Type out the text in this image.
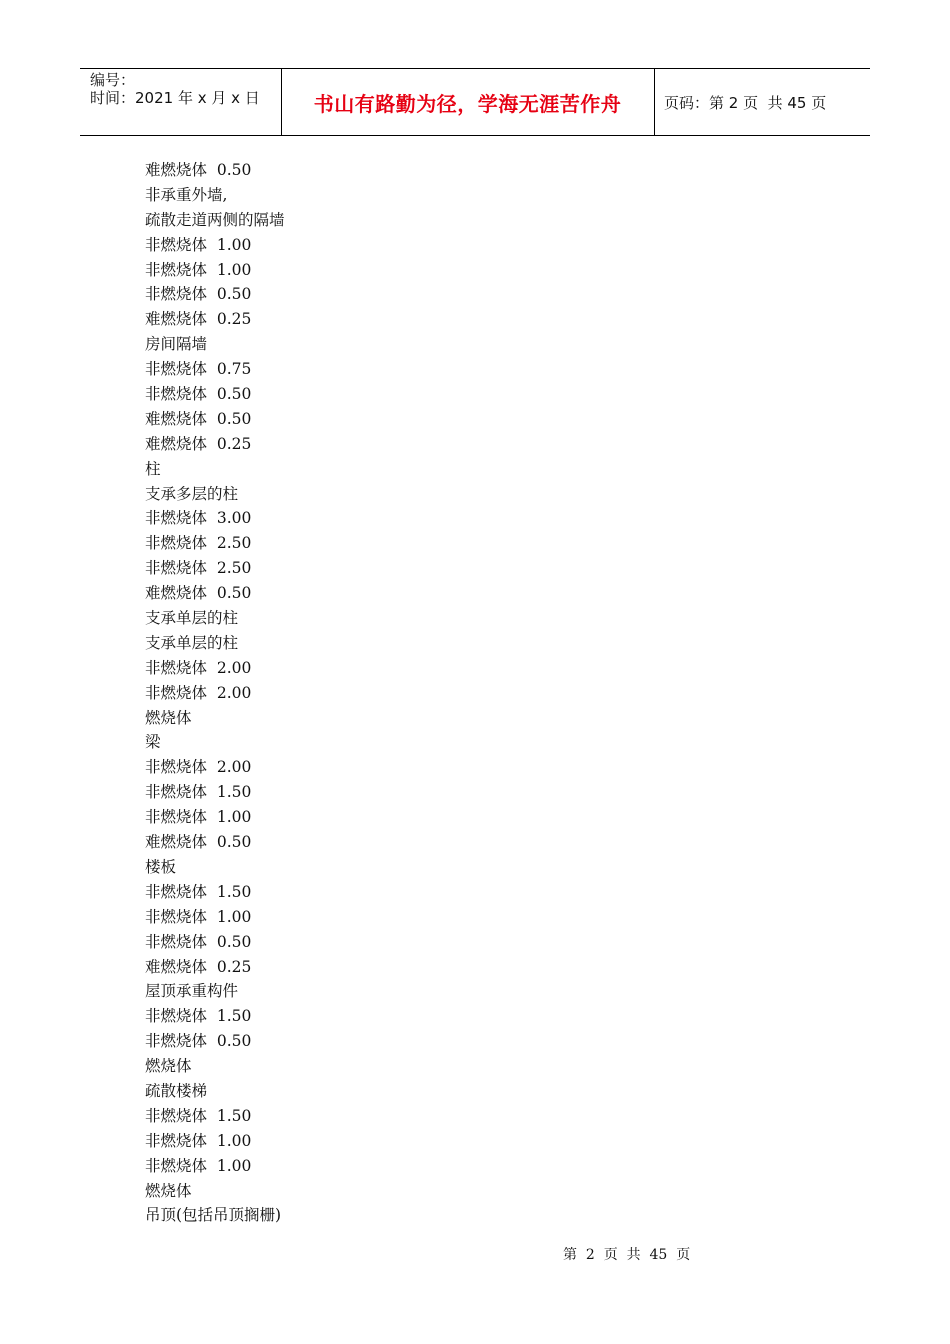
编号：
时间：2021 年 x 月 x 日	书山有路勤为径，学海无涯苦作舟	页码：第 2 页  共 45 页
难燃烧体  0.50
非承重外墙,
疏散走道两侧的隔墙
非燃烧体  1.00
非燃烧体  1.00
非燃烧体  0.50
难燃烧体  0.25
房间隔墙
非燃烧体  0.75
非燃烧体  0.50
难燃烧体  0.50
难燃烧体  0.25
柱
支承多层的柱
非燃烧体  3.00
非燃烧体  2.50
非燃烧体  2.50
难燃烧体  0.50
支承单层的柱
支承单层的柱
非燃烧体  2.00
非燃烧体  2.00
燃烧体
梁
非燃烧体  2.00
非燃烧体  1.50
非燃烧体  1.00
难燃烧体  0.50
楼板
非燃烧体  1.50
非燃烧体  1.00
非燃烧体  0.50
难燃烧体  0.25
屋顶承重构件
非燃烧体  1.50
非燃烧体  0.50
燃烧体
疏散楼梯
非燃烧体  1.50
非燃烧体  1.00
非燃烧体  1.00
燃烧体
吊顶(包括吊顶搁栅)
第  2  页  共  45  页
